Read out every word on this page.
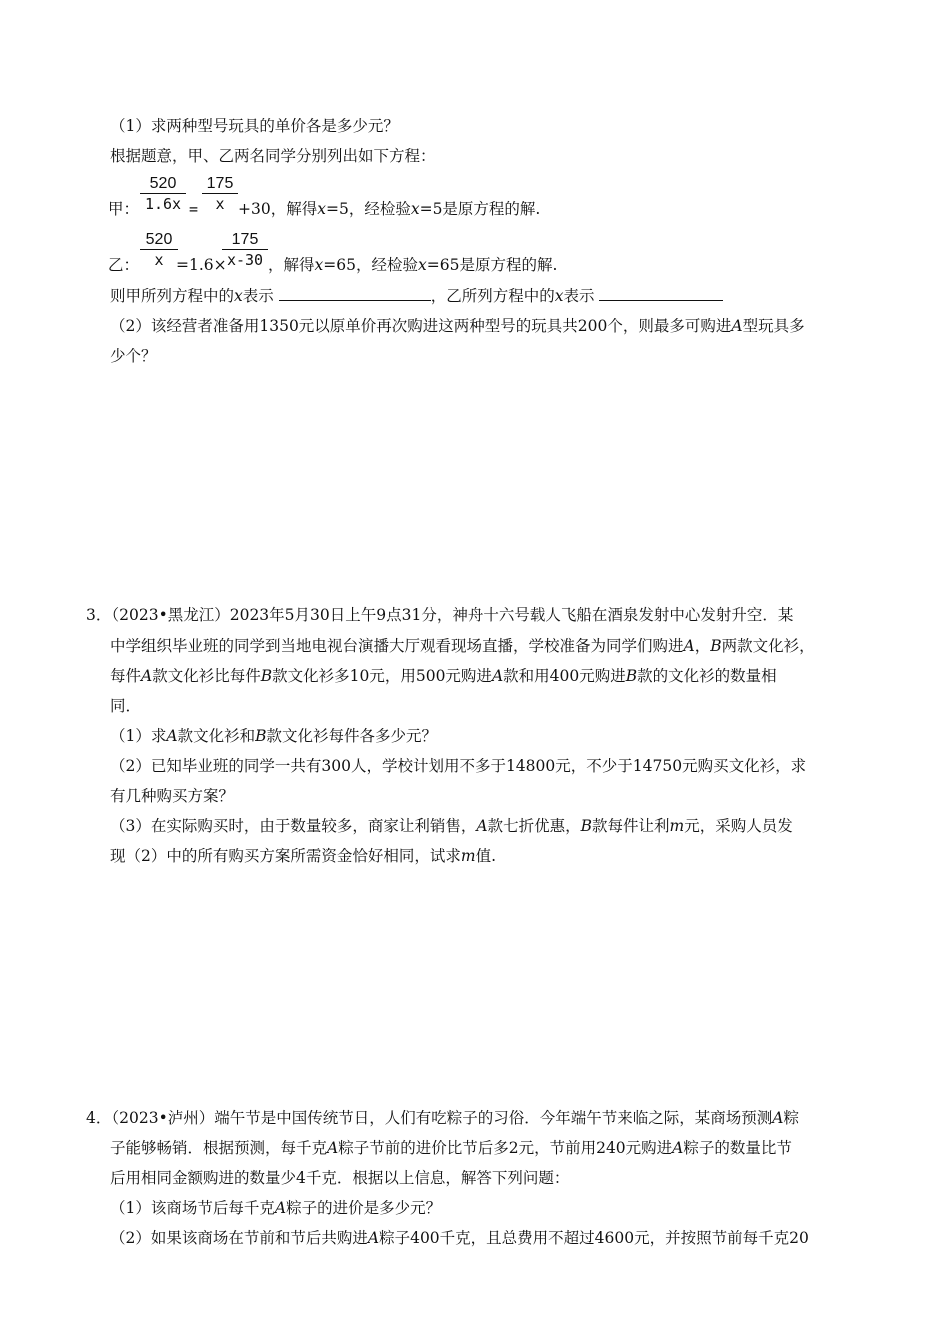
（1）求两种型号玩具的单价各是多少元？
根据题意，甲、乙两名同学分别列出如下方程：
甲： $\frac{520}{1.6x} = \frac{175}{x} +30$，解得x=5，经检验x=5是原方程的解.
乙： $\frac{520}{x}$
=1.6×
$\frac{175}{x-30}$ ，解得x=65，经检验x=65是原方程的解.
则甲所列方程中的x表示	，乙所列方程中的x表示
（2）该经营者准备用1350元以原单价再次购进这两种型号的玩具共200个，则最多可购进A型玩具多
少个？
3．（2023•黑龙江）2023年5月30日上午9点31分，神舟十六号载人飞船在酒泉发射中心发射升空．某
中学组织毕业班的同学到当地电视台演播大厅观看现场直播，学校准备为同学们购进A，B两款文化衫，
每件A款文化衫比每件B款文化衫多10元，用500元购进A款和用400元购进B款的文化衫的数量相
同．
（1）求A款文化衫和B款文化衫每件各多少元？
（2）已知毕业班的同学一共有300人，学校计划用不多于14800元，不少于14750元购买文化衫，求
有几种购买方案？
（3）在实际购买时，由于数量较多，商家让利销售，A款七折优惠，B款每件让利m元，采购人员发
现（2）中的所有购买方案所需资金恰好相同，试求m值.
4．（2023•泸州）端午节是中国传统节日，人们有吃粽子的习俗．今年端午节来临之际，某商场预测A粽
子能够畅销．根据预测，每千克A粽子节前的进价比节后多2元，节前用240元购进A粽子的数量比节
后用相同金额购进的数量少4千克．根据以上信息，解答下列问题：
（1）该商场节后每千克A粽子的进价是多少元？
（2）如果该商场在节前和节后共购进A粽子400千克，且总费用不超过4600元，并按照节前每千克20
